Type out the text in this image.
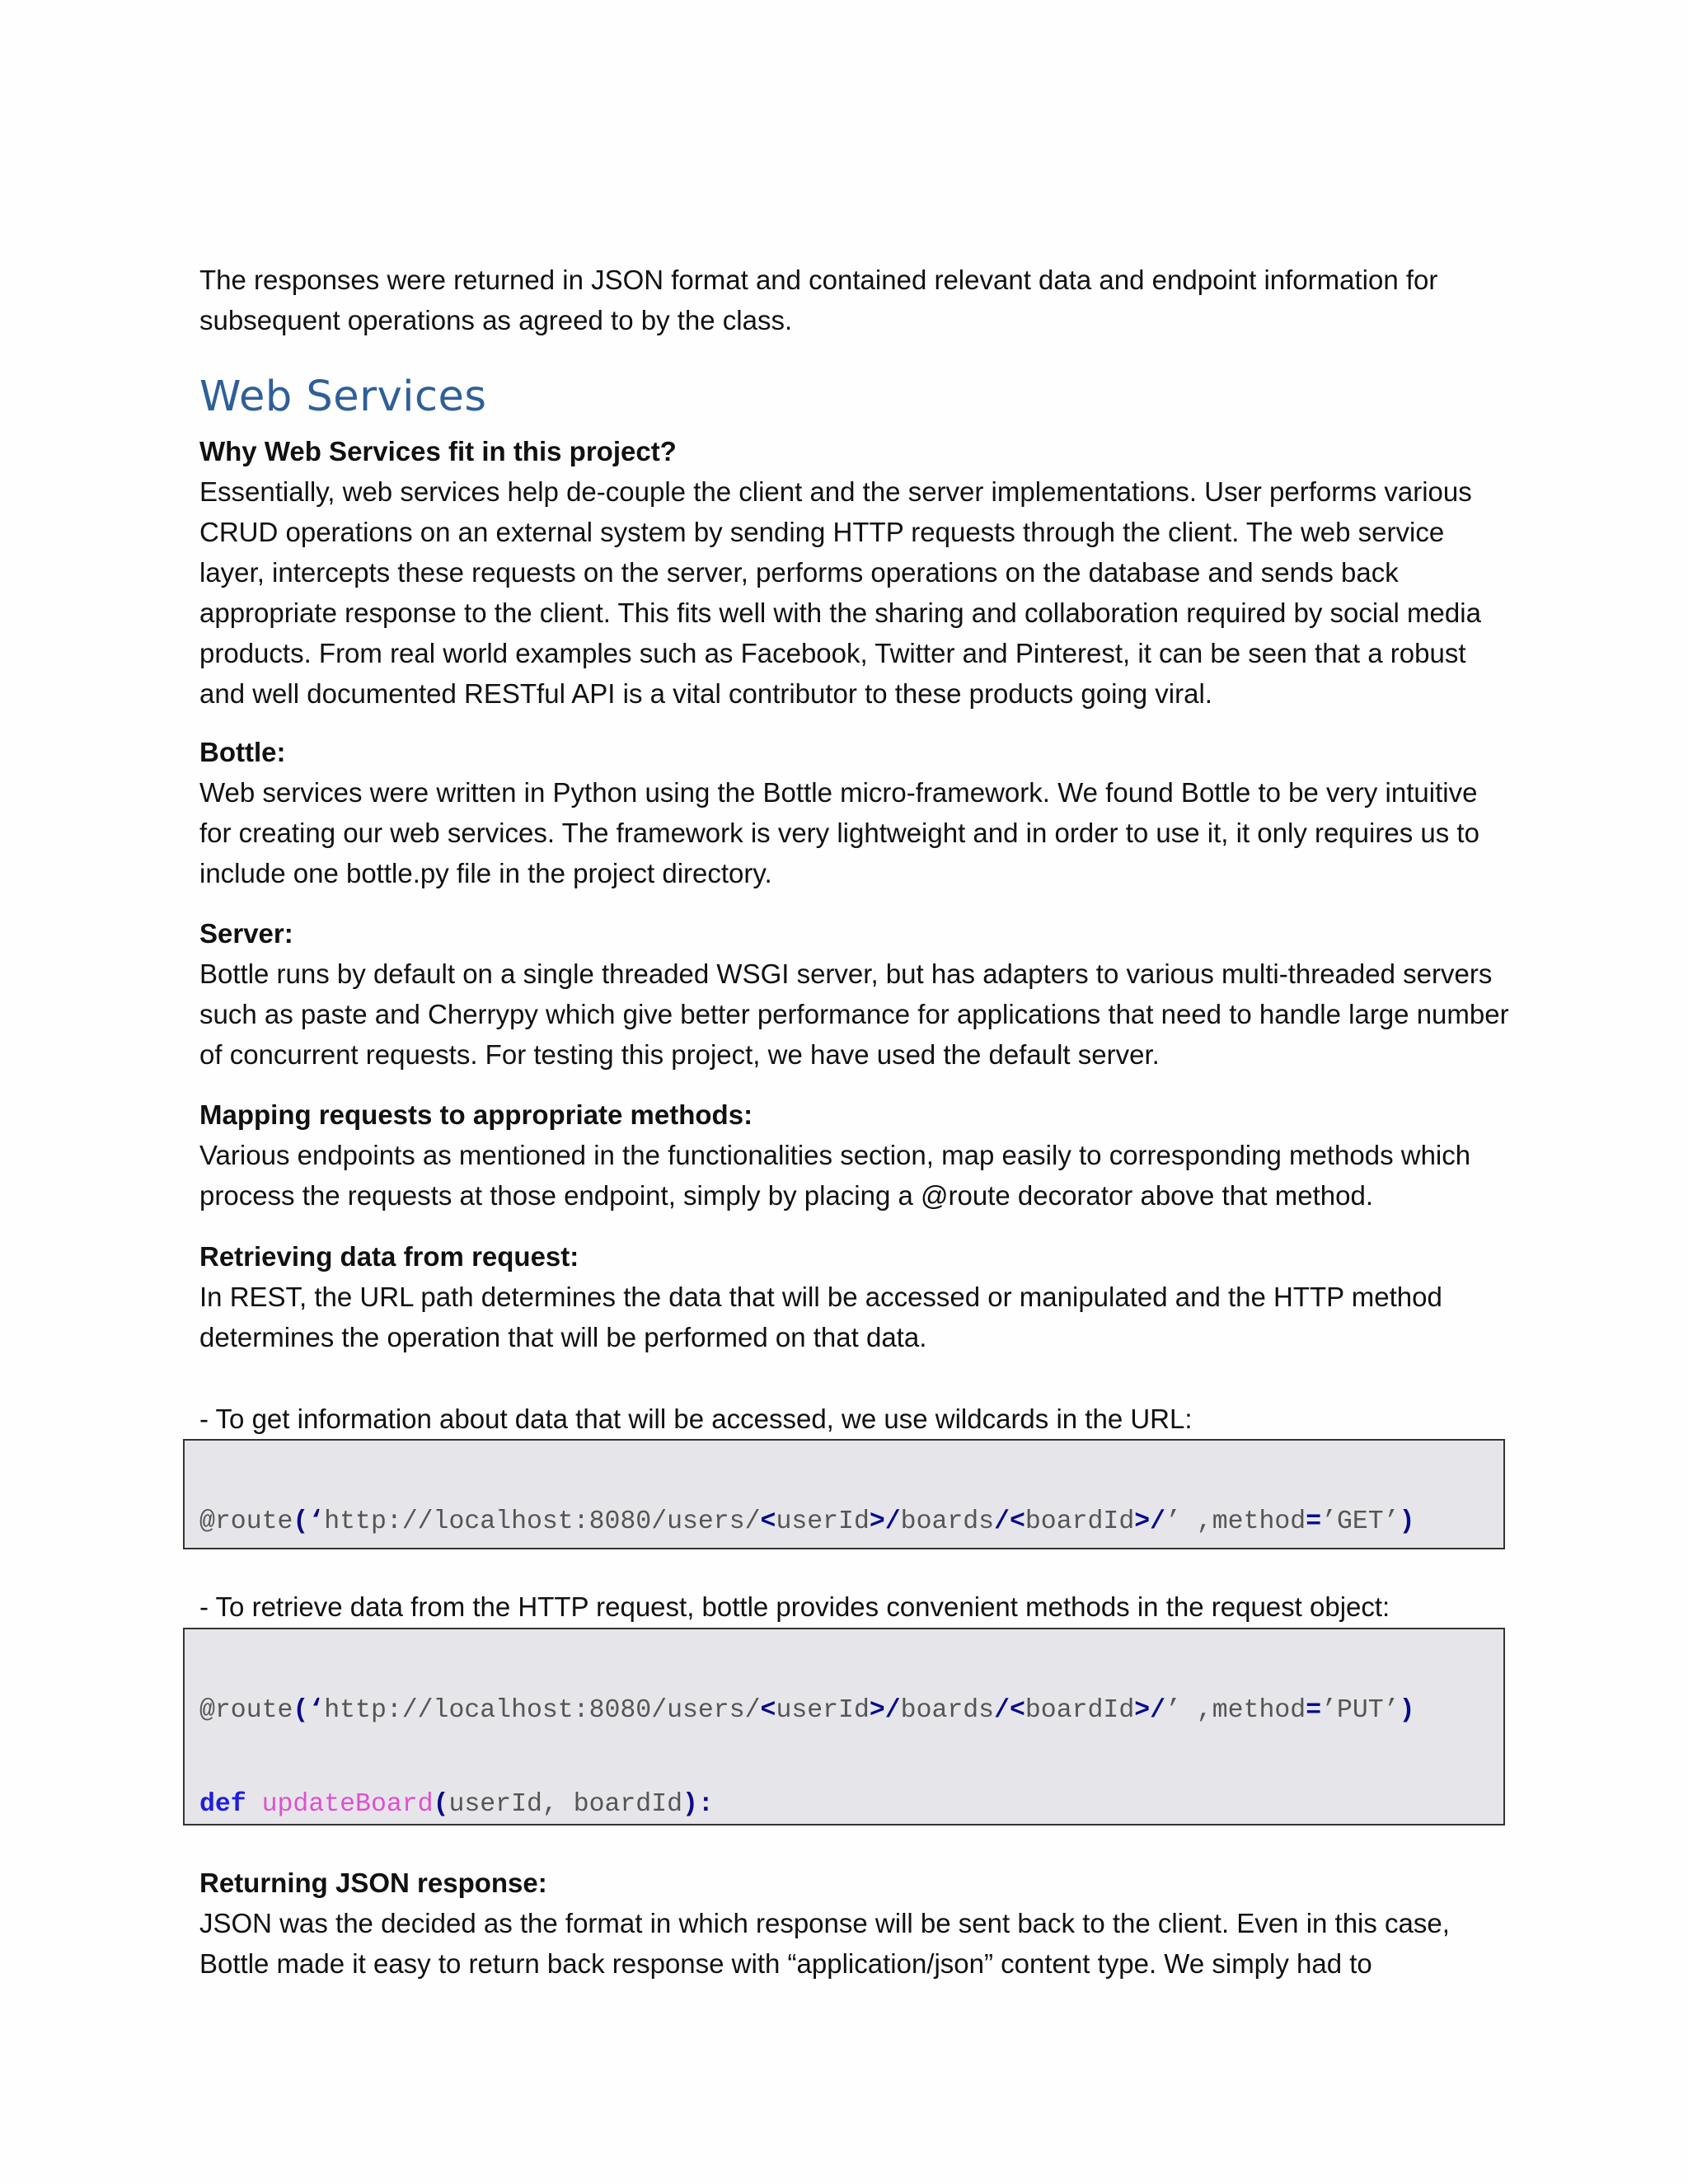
The responses were returned in JSON format and contained relevant data and endpoint information for subsequent operations as agreed to by the class.

Web Services
Why Web Services fit in this project?
Essentially, web services help de-couple the client and the server implementations. User performs various CRUD operations on an external system by sending HTTP requests through the client. The web service layer, intercepts these requests on the server, performs operations on the database and sends back appropriate response to the client. This fits well with the sharing and collaboration required by social media products. From real world examples such as Facebook, Twitter and Pinterest, it can be seen that a robust and well documented RESTful API is a vital contributor to these products going viral.
Bottle:
Web services were written in Python using the Bottle micro-framework. We found Bottle to be very intuitive for creating our web services. The framework is very lightweight and in order to use it, it only requires us to include one bottle.py file in the project directory.
Server:
Bottle runs by default on a single threaded WSGI server, but has adapters to various multi-threaded servers such as paste and Cherrypy which give better performance for applications that need to handle large number of concurrent requests. For testing this project, we have used the default server.
Mapping requests to appropriate methods:
Various endpoints as mentioned in the functionalities section, map easily to corresponding methods which process the requests at those endpoint, simply by placing a @route decorator above that method.
Retrieving data from request:
In REST, the URL path determines the data that will be accessed or manipulated and the HTTP method determines the operation that will be performed on that data.

- To get information about data that will be accessed, we use wildcards in the URL:

@route(‘http://localhost:8080/users/<userId>/boards/<boardId>/’ ,method=’GET’)

- To retrieve data from the HTTP request, bottle provides convenient methods in the request object:

@route(‘http://localhost:8080/users/<userId>/boards/<boardId>/’ ,method=’PUT’)

def updateBoard(userId, boardId):

Returning JSON response:
JSON was the decided as the format in which response will be sent back to the client. Even in this case, Bottle made it easy to return back response with “application/json” content type. We simply had to
